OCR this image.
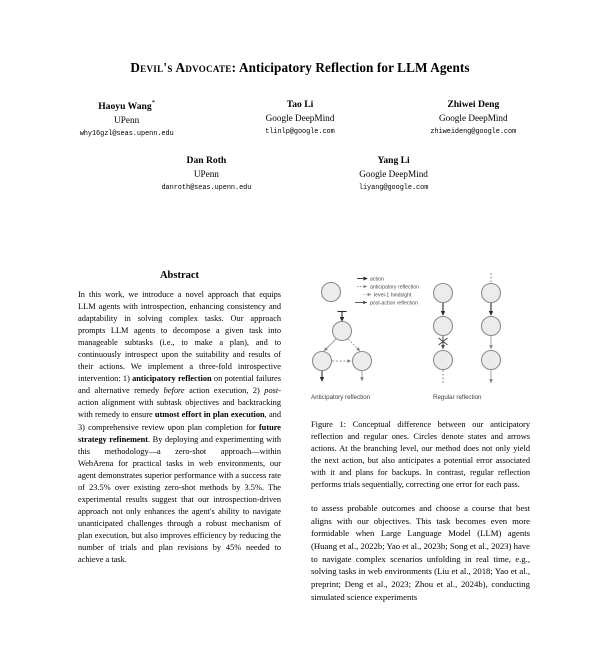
Devil's Advocate: Anticipatory Reflection for LLM Agents
Haoyu Wang*
UPenn
why16gzl@seas.upenn.edu
Tao Li
Google DeepMind
tlinlp@google.com
Zhiwei Deng
Google DeepMind
zhiweideng@google.com
Dan Roth
UPenn
danroth@seas.upenn.edu
Yang Li
Google DeepMind
liyang@google.com
Abstract
In this work, we introduce a novel approach that equips LLM agents with introspection, enhancing consistency and adaptability in solving complex tasks. Our approach prompts LLM agents to decompose a given task into manageable subtasks (i.e., to make a plan), and to continuously introspect upon the suitability and results of their actions. We implement a three-fold introspective intervention: 1) anticipatory reflection on potential failures and alternative remedy before action execution, 2) post-action alignment with subtask objectives and backtracking with remedy to ensure utmost effort in plan execution, and 3) comprehensive review upon plan completion for future strategy refinement. By deploying and experimenting with this methodology—a zero-shot approach—within WebArena for practical tasks in web environments, our agent demonstrates superior performance with a success rate of 23.5% over existing zero-shot methods by 3.5%. The experimental results suggest that our introspection-driven approach not only enhances the agent's ability to navigate unanticipated challenges through a robust mechanism of plan execution, but also improves efficiency by reducing the number of trials and plan revisions by 45% needed to achieve a task.
action
anticipatory reflection
level-1 hindsight
post-action reflection
Anticipatory reflection	Regular reflection
Figure 1: Conceptual difference between our anticipatory reflection and regular ones. Circles denote states and arrows actions. At the branching level, our method does not only yield the next action, but also anticipates a potential error associated with it and plans for backups. In contrast, regular reflection performs trials sequentially, correcting one error for each pass.
to assess probable outcomes and choose a course that best aligns with our objectives. This task becomes even more formidable when Large Language Model (LLM) agents (Huang et al., 2022b; Yao et al., 2023b; Song et al., 2023) have to navigate complex scenarios unfolding in real time, e.g., solving tasks in web environments (Liu et al., 2018; Yao et al., preprint; Deng et al., 2023; Zhou et al., 2024b), conducting simulated science experiments
